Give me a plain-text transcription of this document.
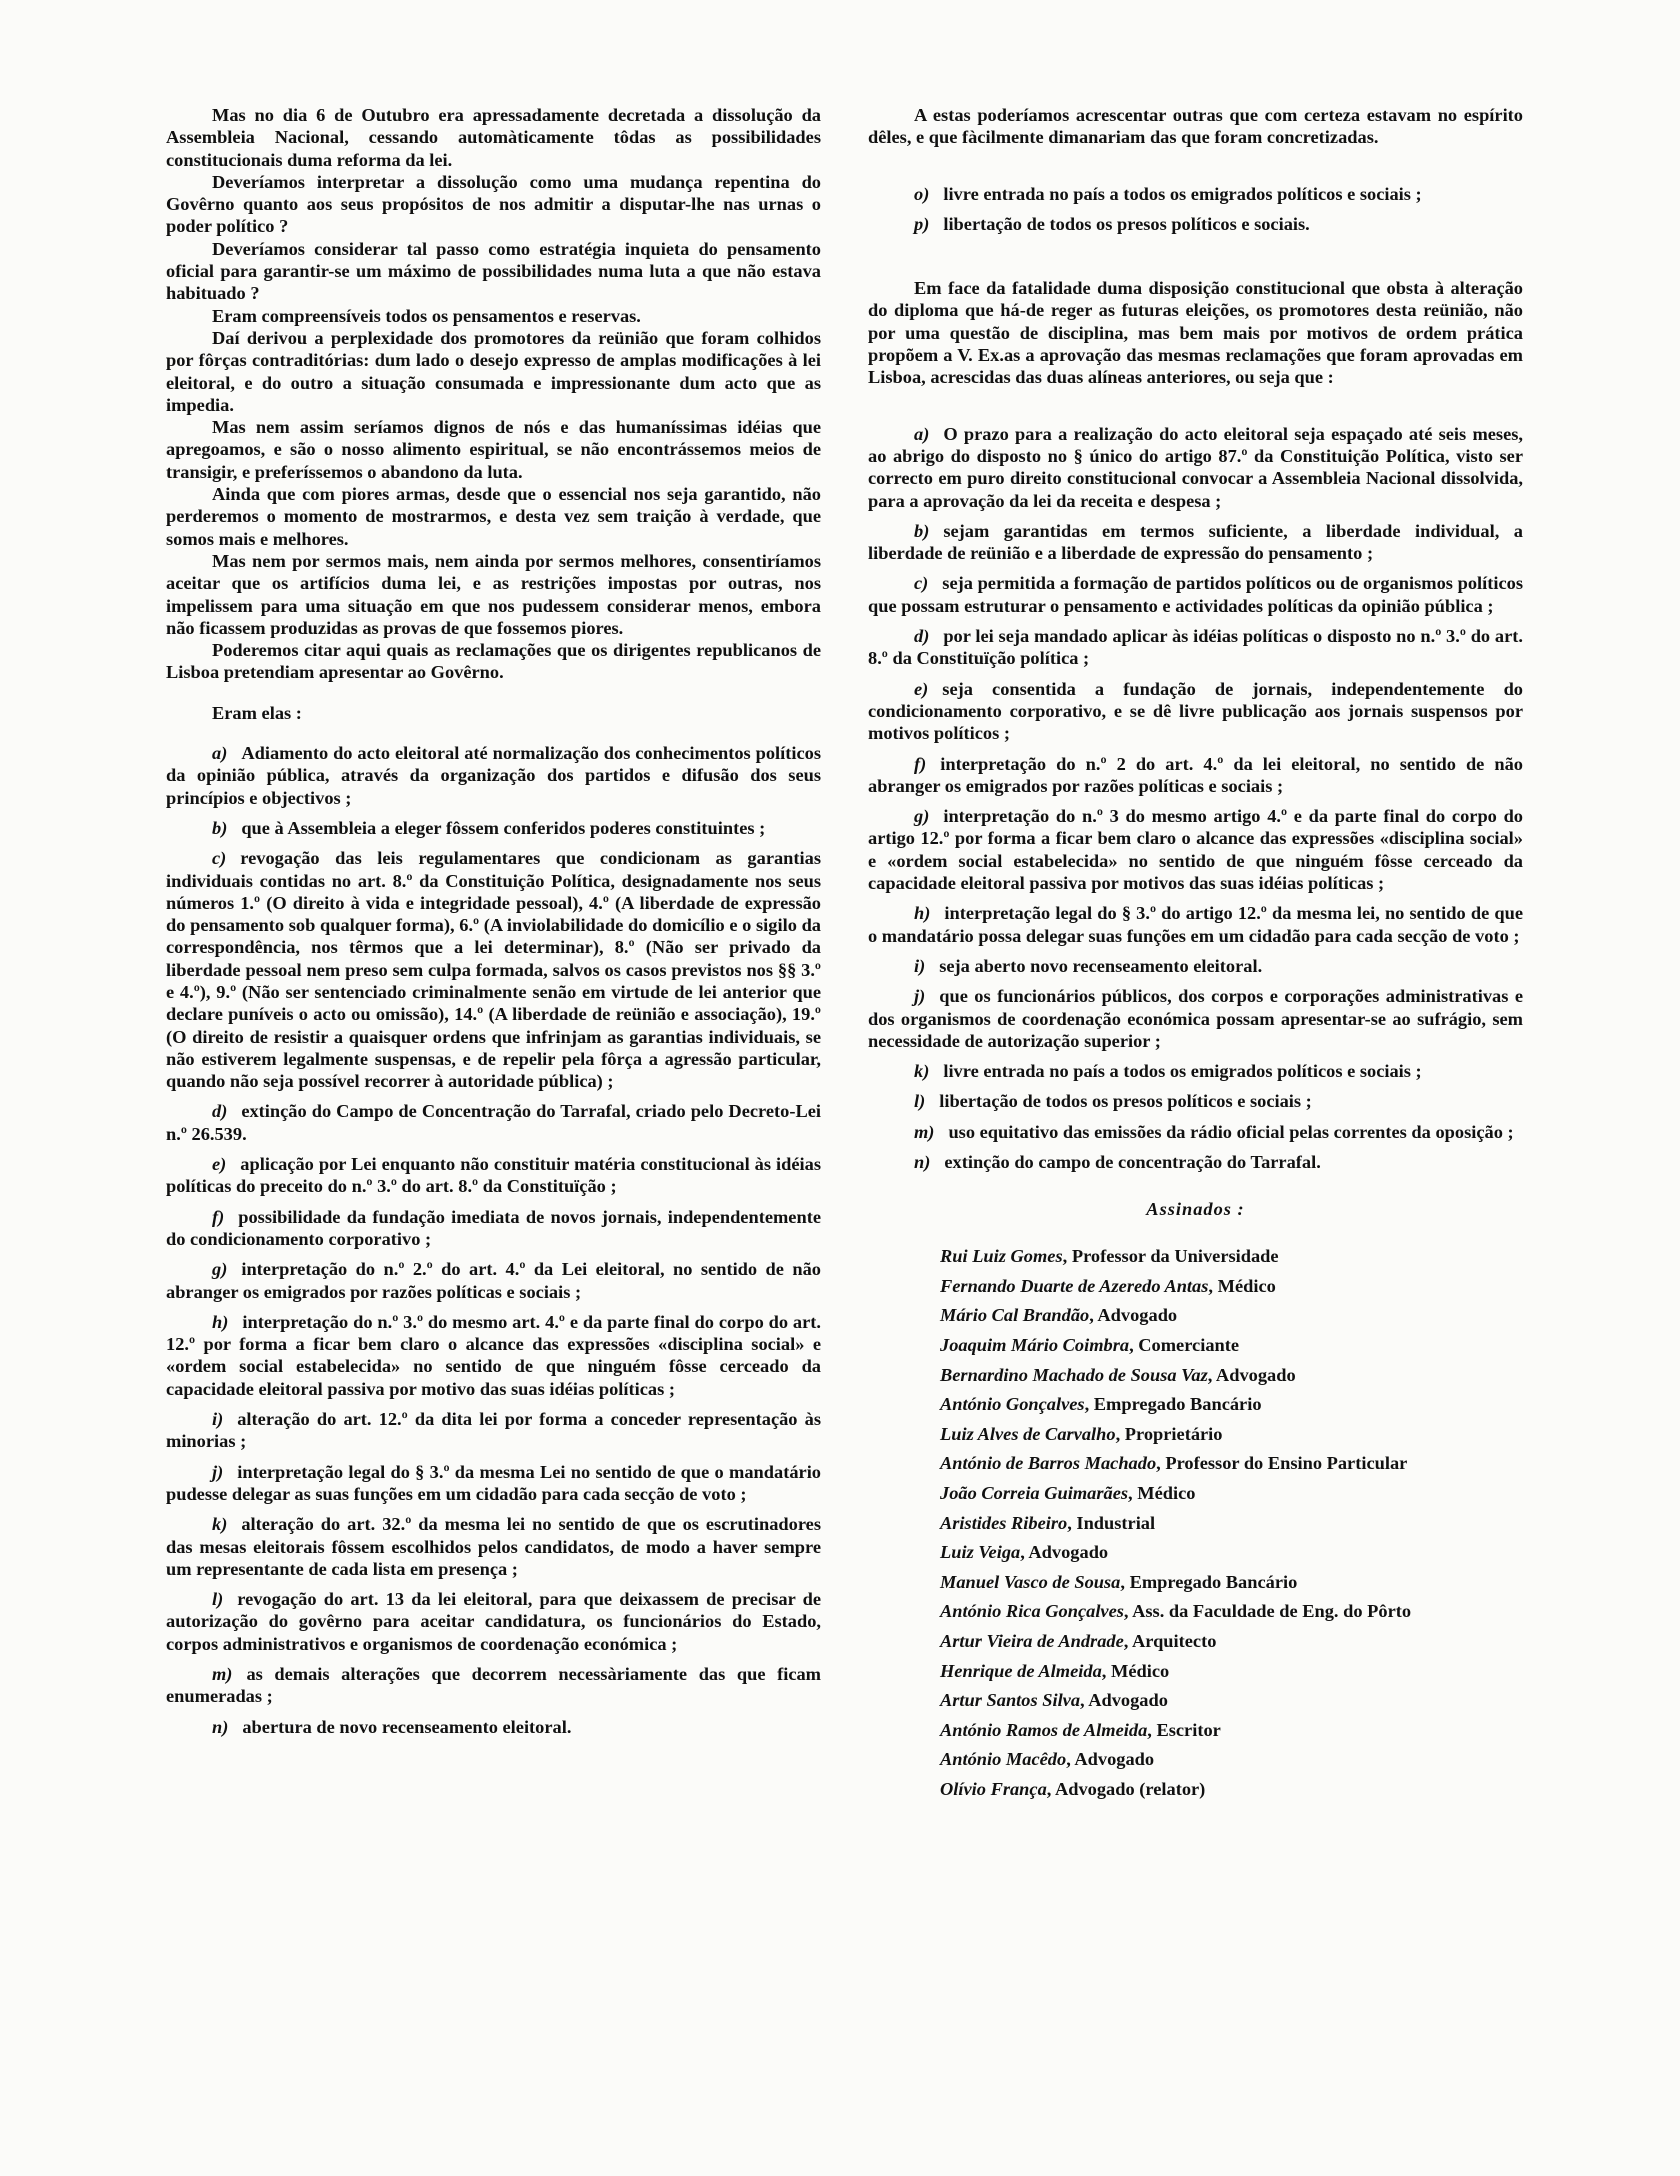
Mas no dia 6 de Outubro era apressadamente decretada a dissolução da Assembleia Nacional, cessando automàticamente tôdas as possibilidades constitucionais duma reforma da lei.

Deveríamos interpretar a dissolução como uma mudança repentina do Govêrno quanto aos seus propósitos de nos admitir a disputar-lhe nas urnas o poder político ?

Deveríamos considerar tal passo como estratégia inquieta do pensamento oficial para garantir-se um máximo de possibilidades numa luta a que não estava habituado ?

Eram compreensíveis todos os pensamentos e reservas.

Daí derivou a perplexidade dos promotores da reünião que foram colhidos por fôrças contraditórias: dum lado o desejo expresso de amplas modificações à lei eleitoral, e do outro a situação consumada e impressionante dum acto que as impedia.

Mas nem assim seríamos dignos de nós e das humaníssimas idéias que apregoamos, e são o nosso alimento espiritual, se não encontrássemos meios de transigir, e preferíssemos o abandono da luta.

Ainda que com piores armas, desde que o essencial nos seja garantido, não perderemos o momento de mostrarmos, e desta vez sem traição à verdade, que somos mais e melhores.

Mas nem por sermos mais, nem ainda por sermos melhores, consentiríamos aceitar que os artifícios duma lei, e as restrições impostas por outras, nos impelissem para uma situação em que nos pudessem considerar menos, embora não ficassem produzidas as provas de que fossemos piores.

Poderemos citar aqui quais as reclamações que os dirigentes republicanos de Lisboa pretendiam apresentar ao Govêrno.

Eram elas :

a) Adiamento do acto eleitoral até normalização dos conhecimentos políticos da opinião pública, através da organização dos partidos e difusão dos seus princípios e objectivos ;

b) que à Assembleia a eleger fôssem conferidos poderes constituintes ;

c) revogação das leis regulamentares que condicionam as garantias individuais contidas no art. 8.º da Constituição Política, designadamente nos seus números 1.º (O direito à vida e integridade pessoal), 4.º (A liberdade de expressão do pensamento sob qualquer forma), 6.º (A inviolabilidade do domicílio e o sigilo da correspondência, nos têrmos que a lei determinar), 8.º (Não ser privado da liberdade pessoal nem preso sem culpa formada, salvos os casos previstos nos §§ 3.º e 4.º), 9.º (Não ser sentenciado criminalmente senão em virtude de lei anterior que declare puníveis o acto ou omissão), 14.º (A liberdade de reünião e associação), 19.º (O direito de resistir a quaisquer ordens que infrinjam as garantias individuais, se não estiverem legalmente suspensas, e de repelir pela fôrça a agressão particular, quando não seja possível recorrer à autoridade pública) ;

d) extinção do Campo de Concentração do Tarrafal, criado pelo Decreto-Lei n.º 26.539.

e) aplicação por Lei enquanto não constituir matéria constitucional às idéias políticas do preceito do n.º 3.º do art. 8.º da Constituïção ;

f) possibilidade da fundação imediata de novos jornais, independentemente do condicionamento corporativo ;

g) interpretação do n.º 2.º do art. 4.º da Lei eleitoral, no sentido de não abranger os emigrados por razões políticas e sociais ;

h) interpretação do n.º 3.º do mesmo art. 4.º e da parte final do corpo do art. 12.º por forma a ficar bem claro o alcance das expressões «disciplina social» e «ordem social estabelecida» no sentido de que ninguém fôsse cerceado da capacidade eleitoral passiva por motivo das suas idéias políticas ;

i) alteração do art. 12.º da dita lei por forma a conceder representação às minorias ;

j) interpretação legal do § 3.º da mesma Lei no sentido de que o mandatário pudesse delegar as suas funções em um cidadão para cada secção de voto ;

k) alteração do art. 32.º da mesma lei no sentido de que os escrutinadores das mesas eleitorais fôssem escolhidos pelos candidatos, de modo a haver sempre um representante de cada lista em presença ;

l) revogação do art. 13 da lei eleitoral, para que deixassem de precisar de autorização do govêrno para aceitar candidatura, os funcionários do Estado, corpos administrativos e organismos de coordenação económica ;

m) as demais alterações que decorrem necessàriamente das que ficam enumeradas ;

n) abertura de novo recenseamento eleitoral.

A estas poderíamos acrescentar outras que com certeza estavam no espírito dêles, e que fàcilmente dimanariam das que foram concretizadas.

o) livre entrada no país a todos os emigrados políticos e sociais ;

p) libertação de todos os presos políticos e sociais.

Em face da fatalidade duma disposição constitucional que obsta à alteração do diploma que há-de reger as futuras eleições, os promotores desta reünião, não por uma questão de disciplina, mas bem mais por motivos de ordem prática propõem a V. Ex.as a aprovação das mesmas reclamações que foram aprovadas em Lisboa, acrescidas das duas alíneas anteriores, ou seja que :

a) O prazo para a realização do acto eleitoral seja espaçado até seis meses, ao abrigo do disposto no § único do artigo 87.º da Constituição Política, visto ser correcto em puro direito constitucional convocar a Assembleia Nacional dissolvida, para a aprovação da lei da receita e despesa ;

b) sejam garantidas em termos suficiente, a liberdade individual, a liberdade de reünião e a liberdade de expressão do pensamento ;

c) seja permitida a formação de partidos políticos ou de organismos políticos que possam estruturar o pensamento e actividades políticas da opinião pública ;

d) por lei seja mandado aplicar às idéias políticas o disposto no n.º 3.º do art. 8.º da Constituïção política ;

e) seja consentida a fundação de jornais, independentemente do condicionamento corporativo, e se dê livre publicação aos jornais suspensos por motivos políticos ;

f) interpretação do n.º 2 do art. 4.º da lei eleitoral, no sentido de não abranger os emigrados por razões políticas e sociais ;

g) interpretação do n.º 3 do mesmo artigo 4.º e da parte final do corpo do artigo 12.º por forma a ficar bem claro o alcance das expressões «disciplina social» e «ordem social estabelecida» no sentido de que ninguém fôsse cerceado da capacidade eleitoral passiva por motivos das suas idéias políticas ;

h) interpretação legal do § 3.º do artigo 12.º da mesma lei, no sentido de que o mandatário possa delegar suas funções em um cidadão para cada secção de voto ;

i) seja aberto novo recenseamento eleitoral.

j) que os funcionários públicos, dos corpos e corporações administrativas e dos organismos de coordenação económica possam apresentar-se ao sufrágio, sem necessidade de autorização superior ;

k) livre entrada no país a todos os emigrados políticos e sociais ;

l) libertação de todos os presos políticos e sociais ;

m) uso equitativo das emissões da rádio oficial pelas correntes da oposição ;

n) extinção do campo de concentração do Tarrafal.

Assinados :

Rui Luiz Gomes, Professor da Universidade

Fernando Duarte de Azeredo Antas, Médico

Mário Cal Brandão, Advogado

Joaquim Mário Coimbra, Comerciante

Bernardino Machado de Sousa Vaz, Advogado

António Gonçalves, Empregado Bancário

Luiz Alves de Carvalho, Proprietário

António de Barros Machado, Professor do Ensino Particular

João Correia Guimarães, Médico

Aristides Ribeiro, Industrial

Luiz Veiga, Advogado

Manuel Vasco de Sousa, Empregado Bancário

António Rica Gonçalves, Ass. da Faculdade de Eng. do Pôrto

Artur Vieira de Andrade, Arquitecto

Henrique de Almeida, Médico

Artur Santos Silva, Advogado

António Ramos de Almeida, Escritor

António Macêdo, Advogado

Olívio França, Advogado (relator)
